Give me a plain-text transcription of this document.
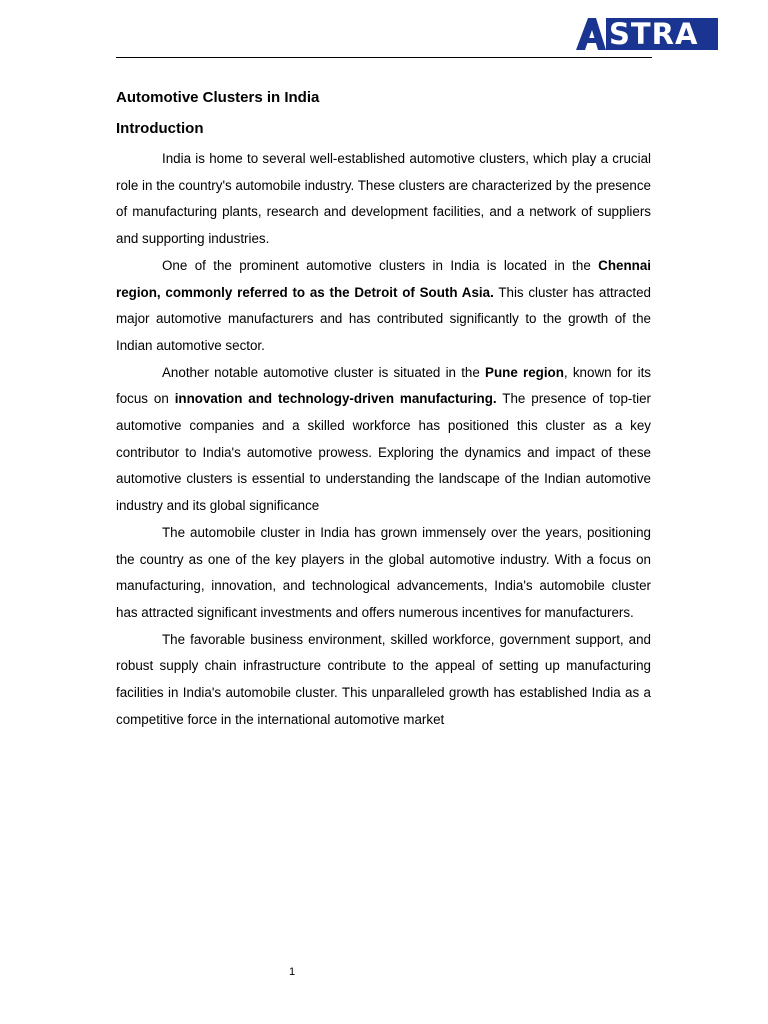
STRA
Automotive Clusters in India
Introduction

India is home to several well-established automotive clusters, which play a crucial role in the country's automobile industry. These clusters are characterized by the presence of manufacturing plants, research and development facilities, and a network of suppliers and supporting industries.

One of the prominent automotive clusters in India is located in the Chennai region, commonly referred to as the Detroit of South Asia. This cluster has attracted major automotive manufacturers and has contributed significantly to the growth of the Indian automotive sector.

Another notable automotive cluster is situated in the Pune region, known for its focus on innovation and technology-driven manufacturing. The presence of top-tier automotive companies and a skilled workforce has positioned this cluster as a key contributor to India's automotive prowess. Exploring the dynamics and impact of these automotive clusters is essential to understanding the landscape of the Indian automotive industry and its global significance

The automobile cluster in India has grown immensely over the years, positioning the country as one of the key players in the global automotive industry. With a focus on manufacturing, innovation, and technological advancements, India's automobile cluster has attracted significant investments and offers numerous incentives for manufacturers.

The favorable business environment, skilled workforce, government support, and robust supply chain infrastructure contribute to the appeal of setting up manufacturing facilities in India's automobile cluster. This unparalleled growth has established India as a competitive force in the international automotive market

1
